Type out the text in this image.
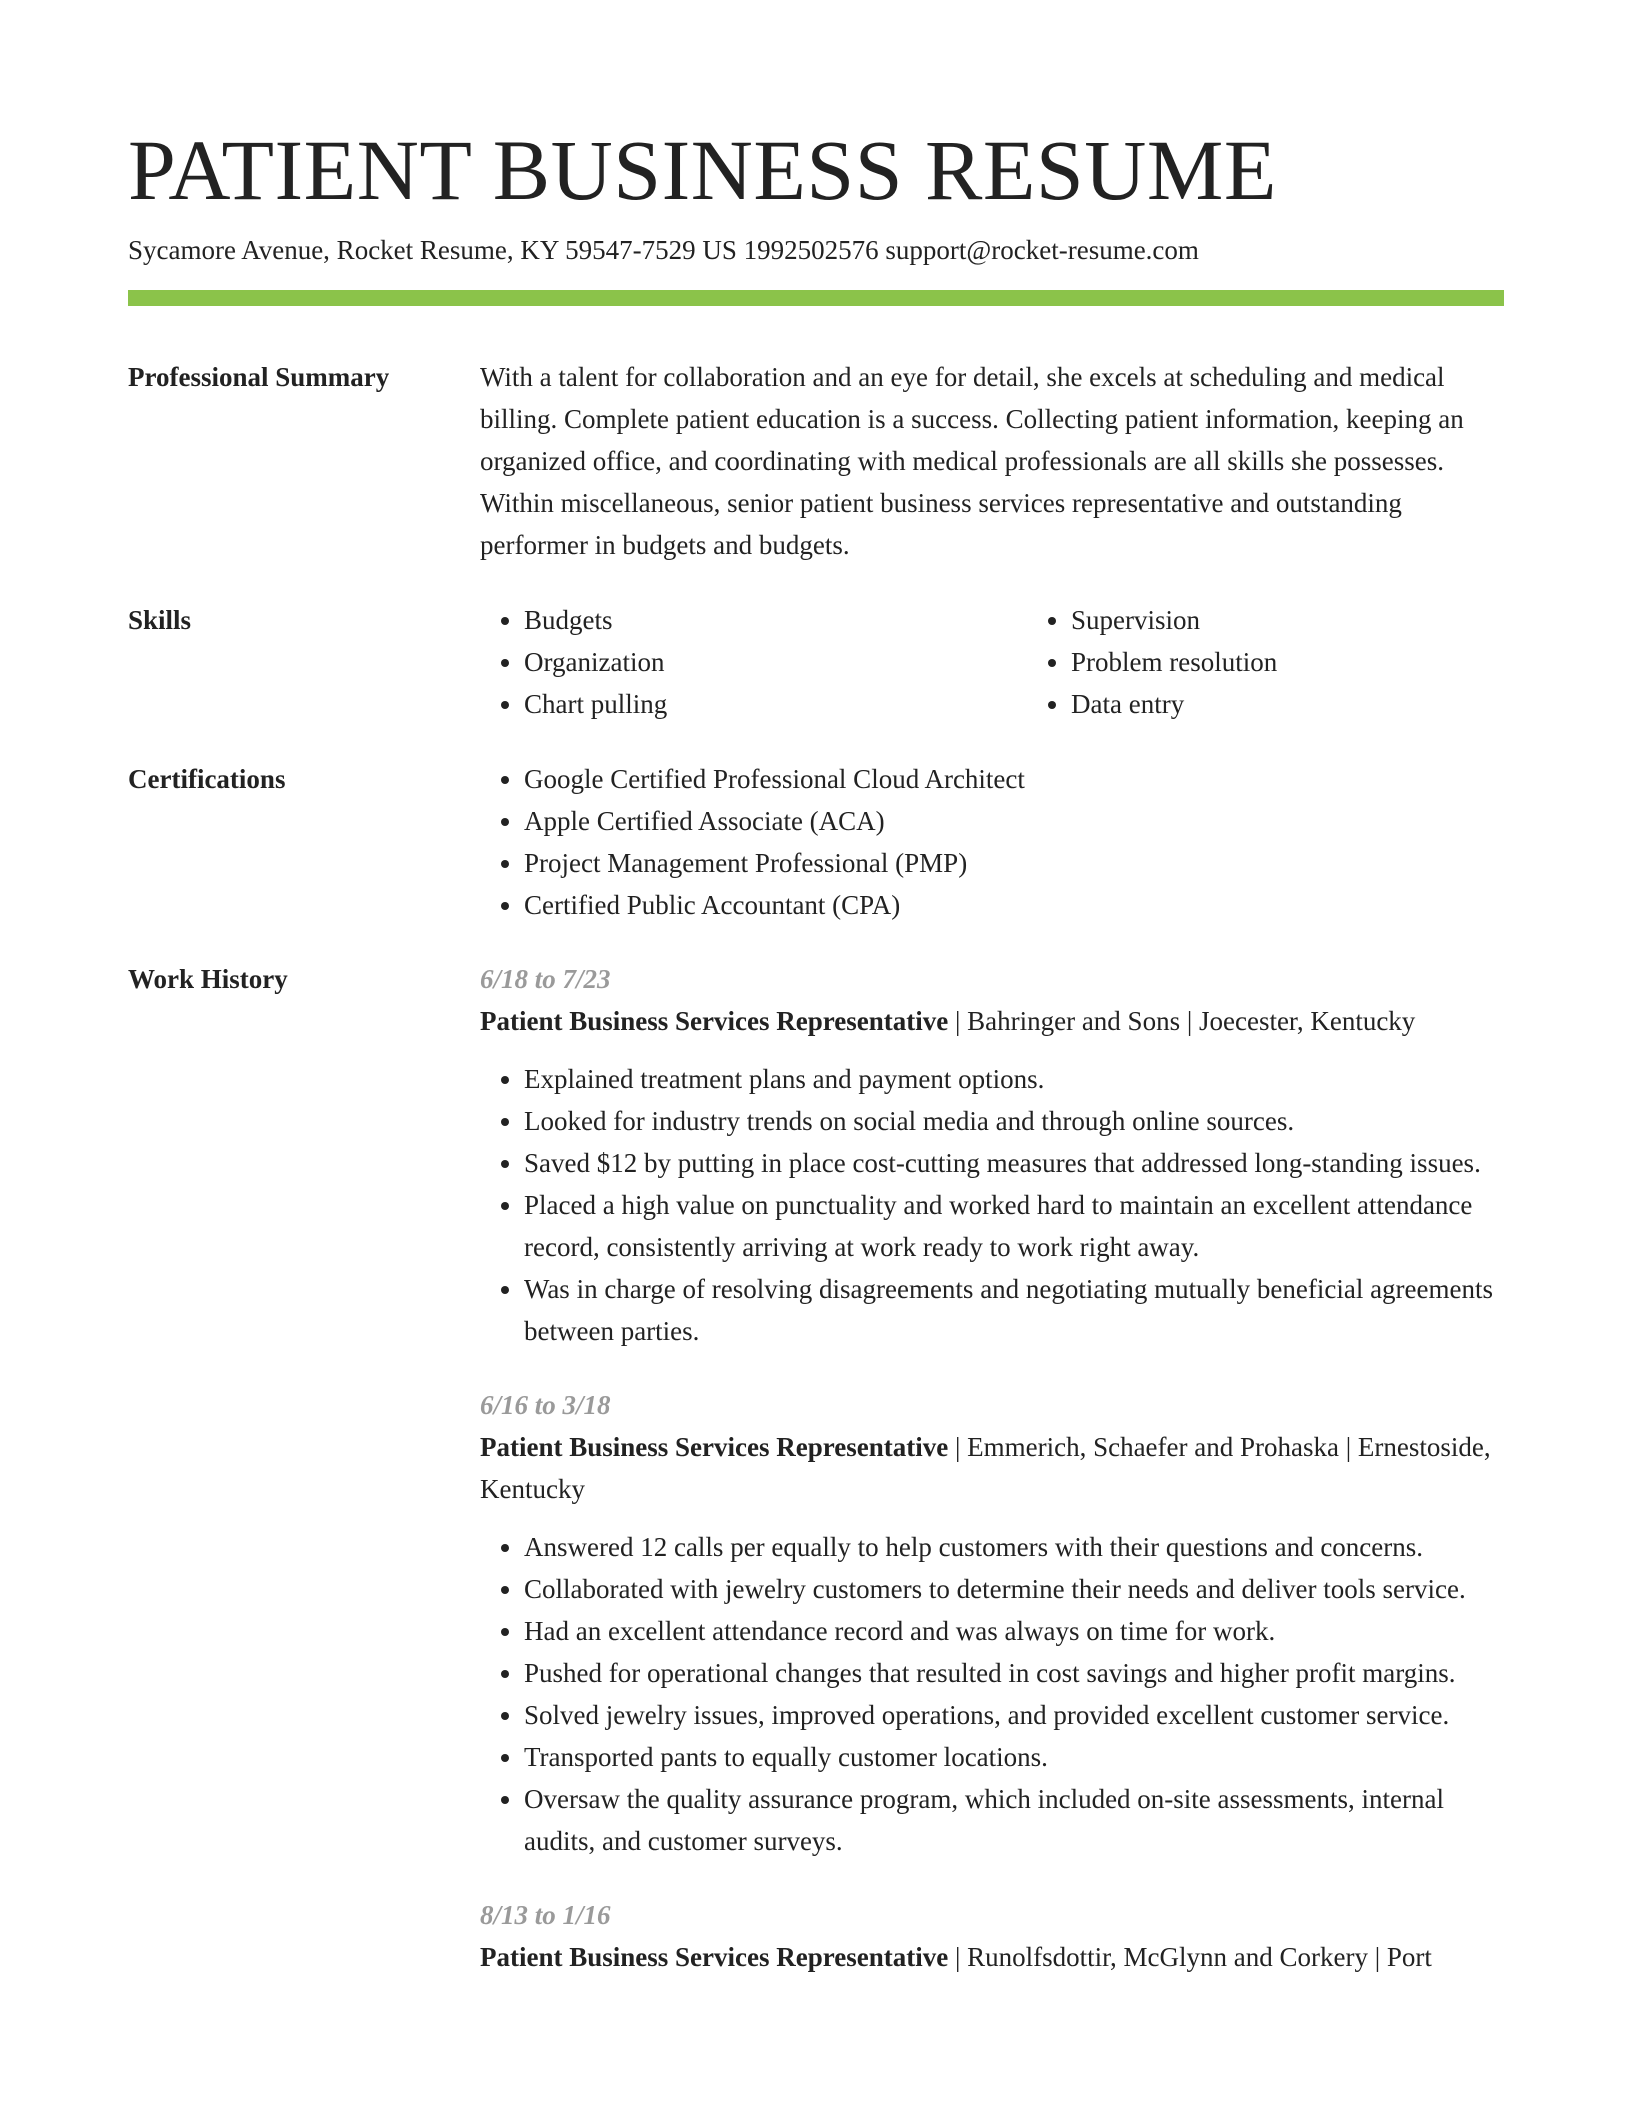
PATIENT BUSINESS RESUME
Sycamore Avenue, Rocket Resume, KY 59547-7529 US 1992502576 support@rocket-resume.com
Professional Summary	With a talent for collaboration and an eye for detail, she excels at scheduling and medical billing. Complete patient education is a success. Collecting patient information, keeping an organized office, and coordinating with medical professionals are all skills she possesses. Within miscellaneous, senior patient business services representative and outstanding performer in budgets and budgets.

Skills	• Budgets
• Organization
• Chart pulling
• Supervision
• Problem resolution
• Data entry
Certifications	• Google Certified Professional Cloud Architect
• Apple Certified Associate (ACA)
• Project Management Professional (PMP)
• Certified Public Accountant (CPA)
Work History	6/18 to 7/23
Patient Business Services Representative | Bahringer and Sons | Joecester, Kentucky
• Explained treatment plans and payment options.
• Looked for industry trends on social media and through online sources.
• Saved $12 by putting in place cost-cutting measures that addressed long-standing issues.
• Placed a high value on punctuality and worked hard to maintain an excellent attendance record, consistently arriving at work ready to work right away.
• Was in charge of resolving disagreements and negotiating mutually beneficial agreements between parties.
6/16 to 3/18
Patient Business Services Representative | Emmerich, Schaefer and Prohaska | Ernestoside, Kentucky
• Answered 12 calls per equally to help customers with their questions and concerns.
• Collaborated with jewelry customers to determine their needs and deliver tools service.
• Had an excellent attendance record and was always on time for work.
• Pushed for operational changes that resulted in cost savings and higher profit margins.
• Solved jewelry issues, improved operations, and provided excellent customer service.
• Transported pants to equally customer locations.
• Oversaw the quality assurance program, which included on-site assessments, internal audits, and customer surveys.
8/13 to 1/16
Patient Business Services Representative | Runolfsdottir, McGlynn and Corkery | Port
